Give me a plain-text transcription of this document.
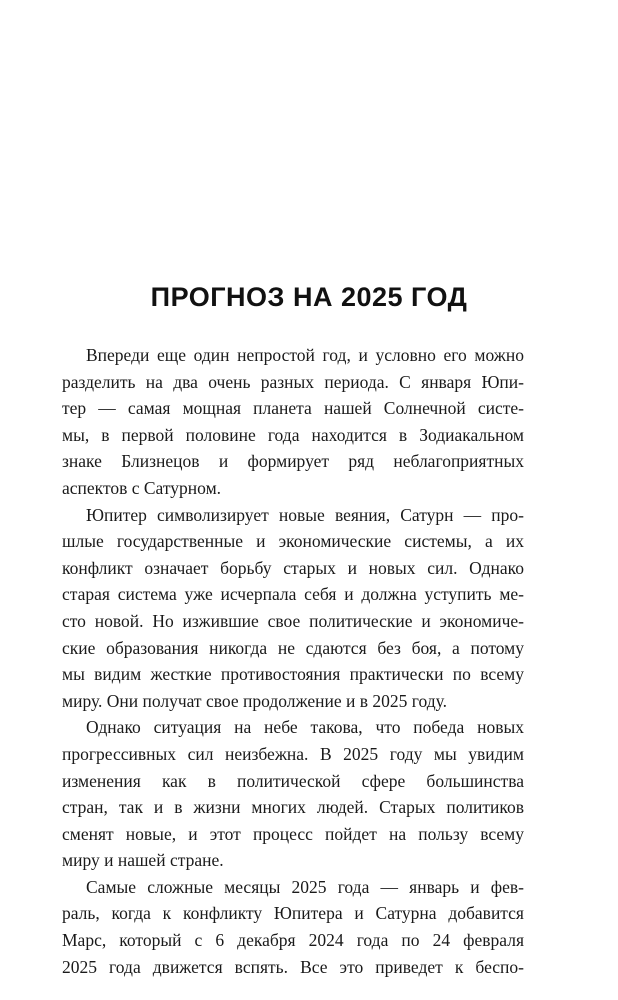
ПРОГНОЗ НА 2025 ГОД
Впереди еще один непростой год, и условно его можно
разделить на два очень разных периода. С января Юпи-
тер — самая мощная планета нашей Солнечной систе-
мы, в первой половине года находится в Зодиакальном
знаке Близнецов и формирует ряд неблагоприятных
аспектов с Сатурном.
Юпитер символизирует новые веяния, Сатурн — про-
шлые государственные и экономические системы, а их
конфликт означает борьбу старых и новых сил. Однако
старая система уже исчерпала себя и должна уступить ме-
сто новой. Но изжившие свое политические и экономиче-
ские образования никогда не сдаются без боя, а потому
мы видим жесткие противостояния практически по всему
миру. Они получат свое продолжение и в 2025 году.
Однако ситуация на небе такова, что победа новых
прогрессивных сил неизбежна. В 2025 году мы увидим
изменения как в политической сфере большинства
стран, так и в жизни многих людей. Старых политиков
сменят новые, и этот процесс пойдет на пользу всему
миру и нашей стране.
Самые сложные месяцы 2025 года — январь и фев-
раль, когда к конфликту Юпитера и Сатурна добавится
Марс, который с 6 декабря 2024 года по 24 февраля
2025 года движется вспять. Все это приведет к беспо-
